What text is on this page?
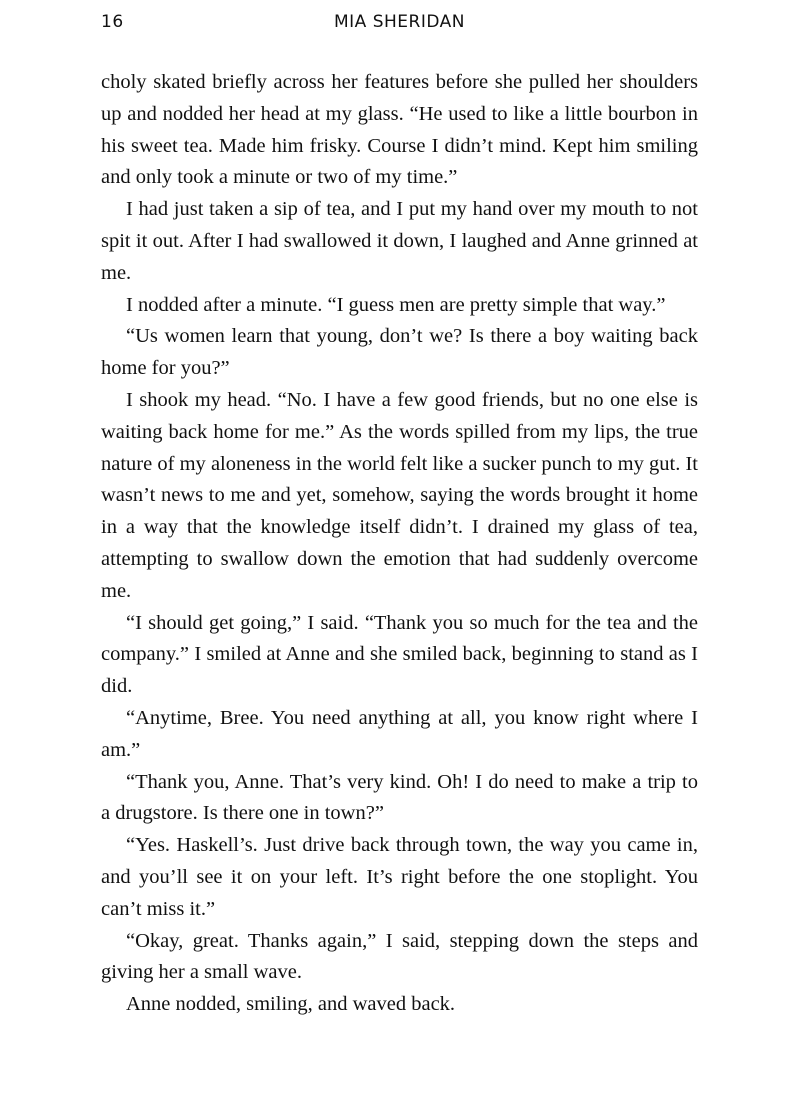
16	MIA SHERIDAN

choly skated briefly across her features before she pulled her shoulders up and nodded her head at my glass. “He used to like a little bourbon in his sweet tea. Made him frisky. Course I didn’t mind. Kept him smiling and only took a minute or two of my time.”

I had just taken a sip of tea, and I put my hand over my mouth to not spit it out. After I had swallowed it down, I laughed and Anne grinned at me.

I nodded after a minute. “I guess men are pretty simple that way.”

“Us women learn that young, don’t we? Is there a boy waiting back home for you?”

I shook my head. “No. I have a few good friends, but no one else is waiting back home for me.” As the words spilled from my lips, the true nature of my aloneness in the world felt like a sucker punch to my gut. It wasn’t news to me and yet, somehow, saying the words brought it home in a way that the knowledge itself didn’t. I drained my glass of tea, attempting to swallow down the emotion that had suddenly overcome me.

“I should get going,” I said. “Thank you so much for the tea and the company.” I smiled at Anne and she smiled back, beginning to stand as I did.

“Anytime, Bree. You need anything at all, you know right where I am.”

“Thank you, Anne. That’s very kind. Oh! I do need to make a trip to a drugstore. Is there one in town?”

“Yes. Haskell’s. Just drive back through town, the way you came in, and you’ll see it on your left. It’s right before the one stoplight. You can’t miss it.”

“Okay, great. Thanks again,” I said, stepping down the steps and giving her a small wave.

Anne nodded, smiling, and waved back.
